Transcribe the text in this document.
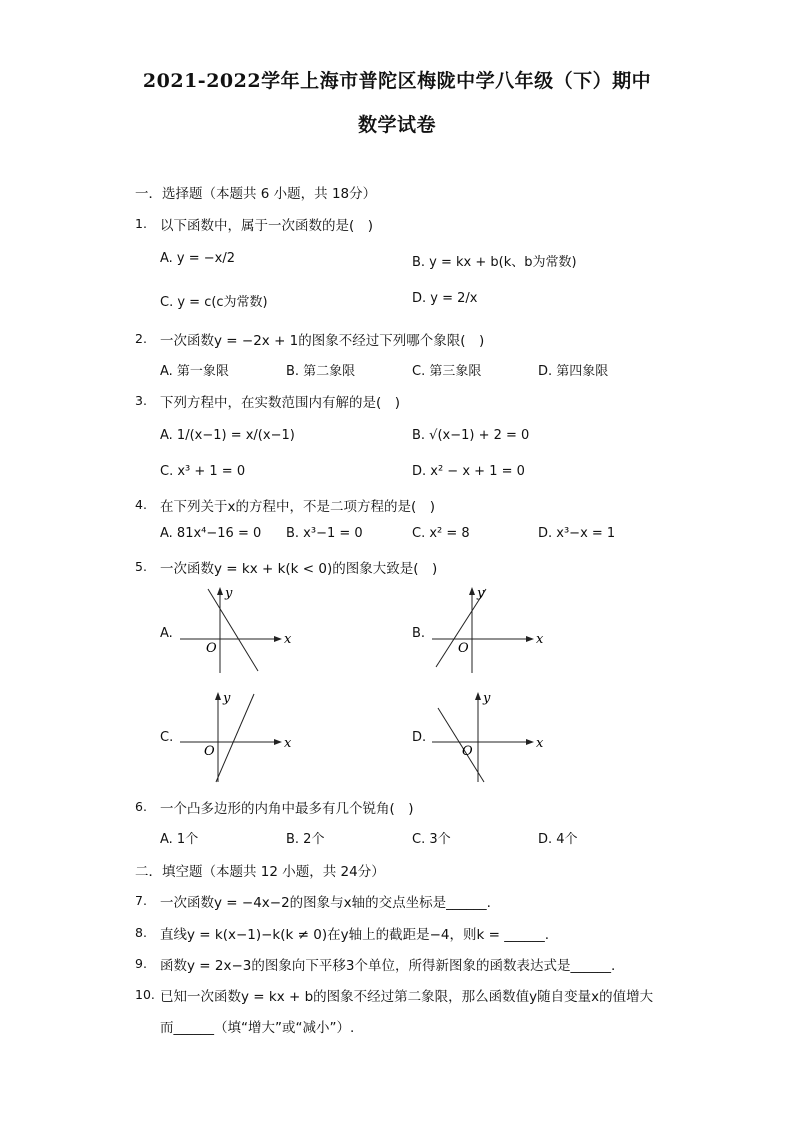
2021-2022学年上海市普陀区梅陇中学八年级（下）期中
数学试卷
一．选择题（本题共 6 小题，共 18分）
1. 以下函数中，属于一次函数的是(　)
A. y = −x/2	B. y = kx + b(k、b为常数)
C. y = c(c为常数)	D. y = 2/x
2. 一次函数y = −2x + 1的图象不经过下列哪个象限(　)
A. 第一象限	B. 第二象限	C. 第三象限	D. 第四象限
3. 下列方程中，在实数范围内有解的是(　)
A. 1/(x−1) = x/(x−1)	B. √(x−1) + 2 = 0
C. x³ + 1 = 0	D. x² − x + 1 = 0
4. 在下列关于x的方程中，不是二项方程的是(　)
A. 81x⁴−16 = 0 B. x³−1 = 0	C. x² = 8	D. x³−x = 1
5. 一次函数y = kx + k(k < 0)的图象大致是(　)
A.
y
x
O
B.
y
x
O
C.
y
x
O
D.
y
x
O
6. 一个凸多边形的内角中最多有几个锐角(　)
A. 1个	B. 2个	C. 3个	D. 4个
二．填空题（本题共 12 小题，共 24分）
7. 一次函数y = −4x−2的图象与x轴的交点坐标是______.
8. 直线y = k(x−1)−k(k ≠ 0)在y轴上的截距是−4，则k = ______.
9. 函数y = 2x−3的图象向下平移3个单位，所得新图象的函数表达式是______.
10. 已知一次函数y = kx + b的图象不经过第二象限，那么函数值y随自变量x的值增大
而______（填“增大”或“减小”）.
